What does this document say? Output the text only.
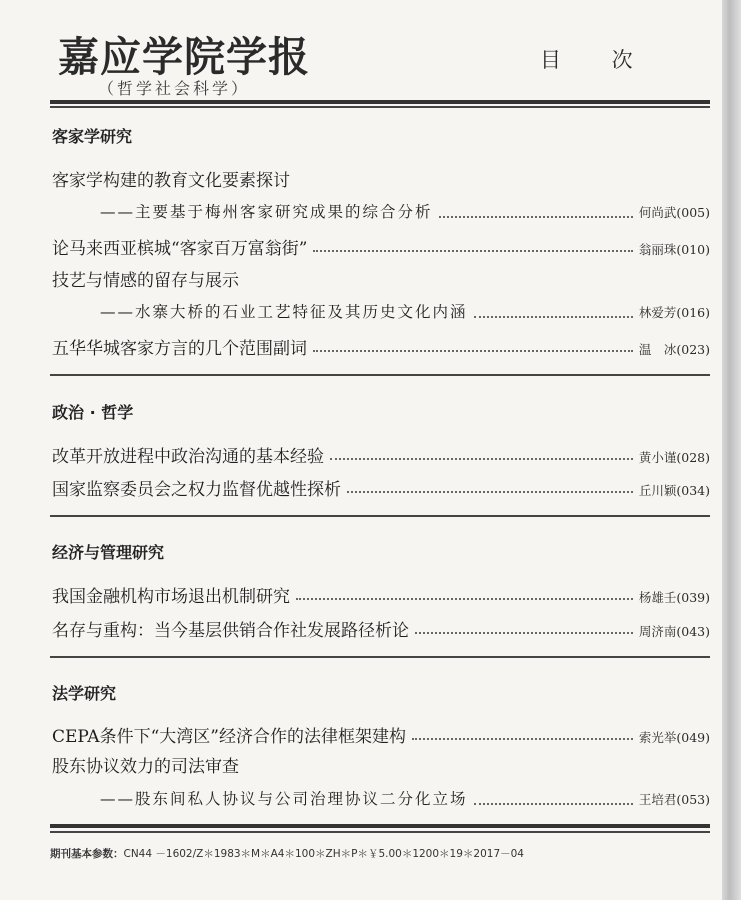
嘉应学院学报
（哲学社会科学）
目 次
客家学研究
客家学构建的教育文化要素探讨
——主要基于梅州客家研究成果的综合分析	何尚武 (005)
论马来西亚槟城“客家百万富翁街”	翁丽珠 (010)
技艺与情感的留存与展示
——水寨大桥的石业工艺特征及其历史文化内涵	林爱芳 (016)
五华华城客家方言的几个范围副词	温　冰 (023)
政治 · 哲学
改革开放进程中政治沟通的基本经验	黄小谨 (028)
国家监察委员会之权力监督优越性探析	丘川颖 (034)
经济与管理研究
我国金融机构市场退出机制研究	杨雄壬 (039)
名存与重构：当今基层供销合作社发展路径析论	周济南 (043)
法学研究
CEPA条件下“大湾区”经济合作的法律框架建构	索光举 (049)
股东协议效力的司法审查
——股东间私人协议与公司治理协议二分化立场	王培君 (053)
期刊基本参数：CN44 －1602/Z＊1983＊M＊A4＊100＊ZH＊P＊￥5.00＊1200＊19＊2017－04
